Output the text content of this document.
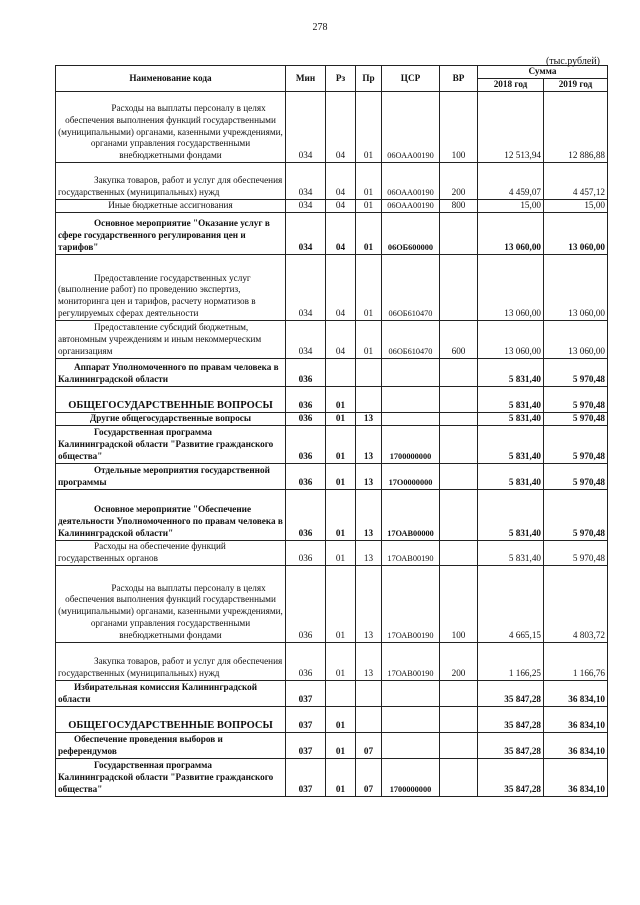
278
(тыс.рублей)
Наименование кода	Мин	Рз	Пр	ЦСР	ВР	Сумма	
						2018 год	2019 год

Расходы на выплаты персоналу в целях обеспечения выполнения функций государственными (муниципальными) органами, казенными учреждениями, органами управления государственными внебюджетными фондами	034	04	01	06ОАА00190	100	12 513,94	12 886,88

Закупка товаров, работ и услуг для обеспечения государственных (муниципальных) нужд	034	04	01	06ОАА00190	200	4 459,07	4 457,12
Иные бюджетные ассигнования	034	04	01	06ОАА00190	800	15,00	15,00

Основное мероприятие "Оказание услуг в сфере государственного регулирования цен и тарифов"	034	04	01	06ОБ600000		13 060,00	13 060,00

Предоставление государственных услуг (выполнение работ) по проведению экспертиз, мониторинга цен и тарифов, расчету норматизов в регулируемых сферах деятельности	034	04	01	06ОБ610470		13 060,00	13 060,00

Предоставление субсидий бюджетным, автономным учреждениям и иным некоммерческим организациям	034	04	01	06ОБ610470	600	13 060,00	13 060,00

Аппарат Уполномоченного по правам человека в Калининградской области	036					5 831,40	5 970,48
ОБЩЕГОСУДАРСТВЕННЫЕ ВОПРОСЫ	036	01				5 831,40	5 970,48
Другие общегосударственные вопросы	036	01	13			5 831,40	5 970,48

Государственная программа Калининградской области "Развитие гражданского общества"	036	01	13	1700000000		5 831,40	5 970,48

Отдельные мероприятия государственной программы	036	01	13	17О0000000		5 831,40	5 970,48

Основное мероприятие "Обеспечение деятельности Уполномоченного по правам человека в Калининградской области"	036	01	13	17ОАВ00000		5 831,40	5 970,48

Расходы на обеспечение функций государственных органов	036	01	13	17ОАВ00190		5 831,40	5 970,48

Расходы на выплаты персоналу в целях обеспечения выполнения функций государственными (муниципальными) органами, казенными учреждениями, органами управления государственными внебюджетными фондами	036	01	13	17ОАВ00190	100	4 665,15	4 803,72

Закупка товаров, работ и услуг для обеспечения государственных (муниципальных) нужд	036	01	13	17ОАВ00190	200	1 166,25	1 166,76

Избирательная комиссия Калининградской области	037					35 847,28	36 834,10
ОБЩЕГОСУДАРСТВЕННЫЕ ВОПРОСЫ	037	01				35 847,28	36 834,10

Обеспечение проведения выборов и референдумов	037	01	07			35 847,28	36 834,10

Государственная программа Калининградской области "Развитие гражданского общества"	037	01	07	1700000000		35 847,28	36 834,10
